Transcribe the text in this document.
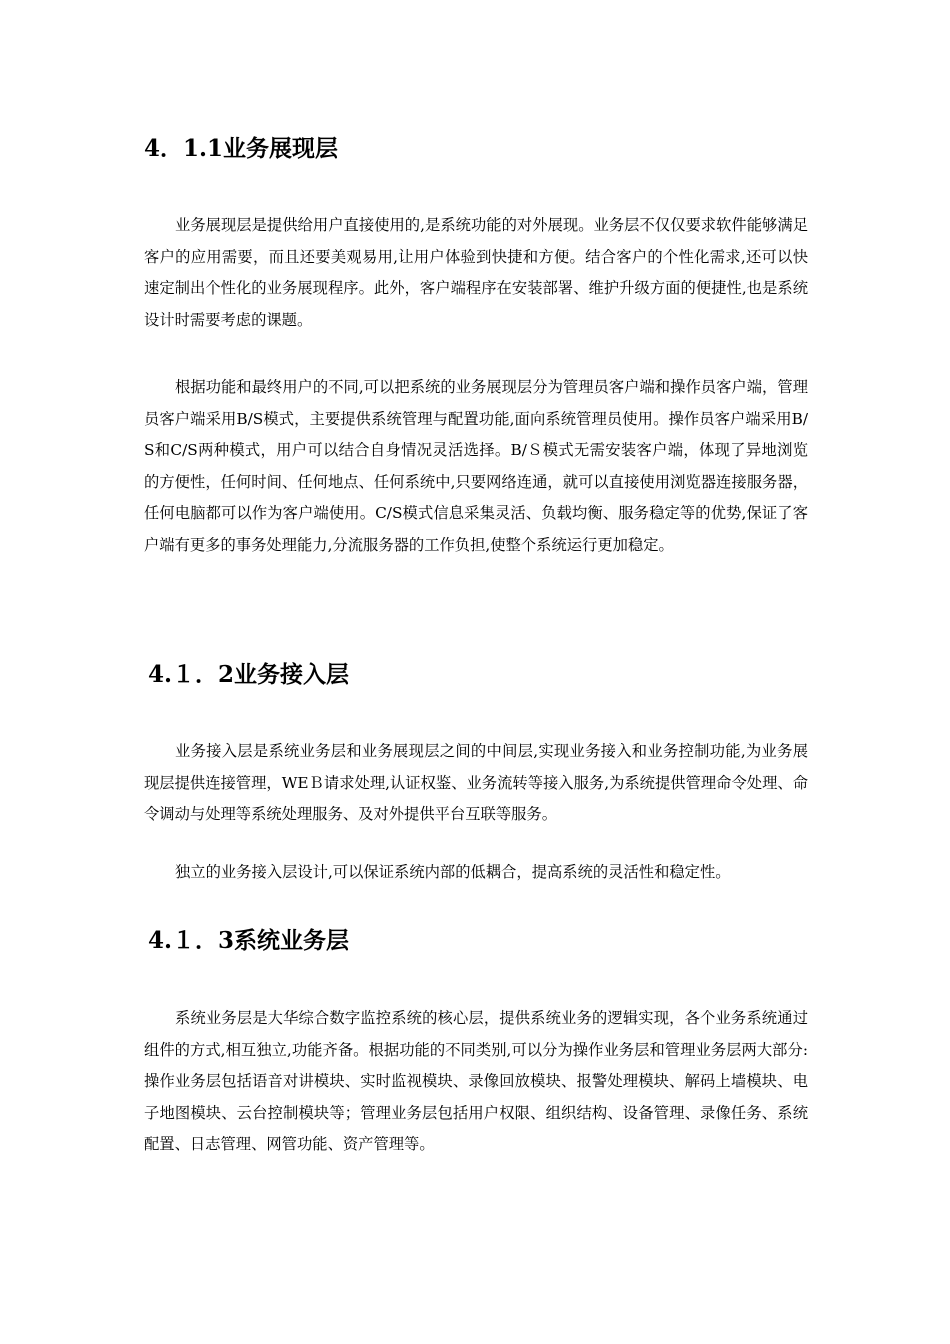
4．1.1业务展现层

业务展现层是提供给用户直接使用的,是系统功能的对外展现。业务层不仅仅要求软件能够满足客户的应用需要，而且还要美观易用,让用户体验到快捷和方便。结合客户的个性化需求,还可以快速定制出个性化的业务展现程序。此外，客户端程序在安装部署、维护升级方面的便捷性,也是系统设计时需要考虑的课题。

根据功能和最终用户的不同,可以把系统的业务展现层分为管理员客户端和操作员客户端，管理员客户端采用B/S模式，主要提供系统管理与配置功能,面向系统管理员使用。操作员客户端采用B/S和C/S两种模式，用户可以结合自身情况灵活选择。B/Ｓ模式无需安装客户端，体现了异地浏览的方便性，任何时间、任何地点、任何系统中,只要网络连通，就可以直接使用浏览器连接服务器，任何电脑都可以作为客户端使用。C/S模式信息采集灵活、负载均衡、服务稳定等的优势,保证了客户端有更多的事务处理能力,分流服务器的工作负担,使整个系统运行更加稳定。

4.１．2业务接入层

业务接入层是系统业务层和业务展现层之间的中间层,实现业务接入和业务控制功能,为业务展现层提供连接管理，WEＢ请求处理,认证权鉴、业务流转等接入服务,为系统提供管理命令处理、命令调动与处理等系统处理服务、及对外提供平台互联等服务。

独立的业务接入层设计,可以保证系统内部的低耦合，提高系统的灵活性和稳定性。

4.１．3系统业务层

系统业务层是大华综合数字监控系统的核心层，提供系统业务的逻辑实现，各个业务系统通过组件的方式,相互独立,功能齐备。根据功能的不同类别,可以分为操作业务层和管理业务层两大部分:操作业务层包括语音对讲模块、实时监视模块、录像回放模块、报警处理模块、解码上墙模块、电子地图模块、云台控制模块等；管理业务层包括用户权限、组织结构、设备管理、录像任务、系统配置、日志管理、网管功能、资产管理等。
